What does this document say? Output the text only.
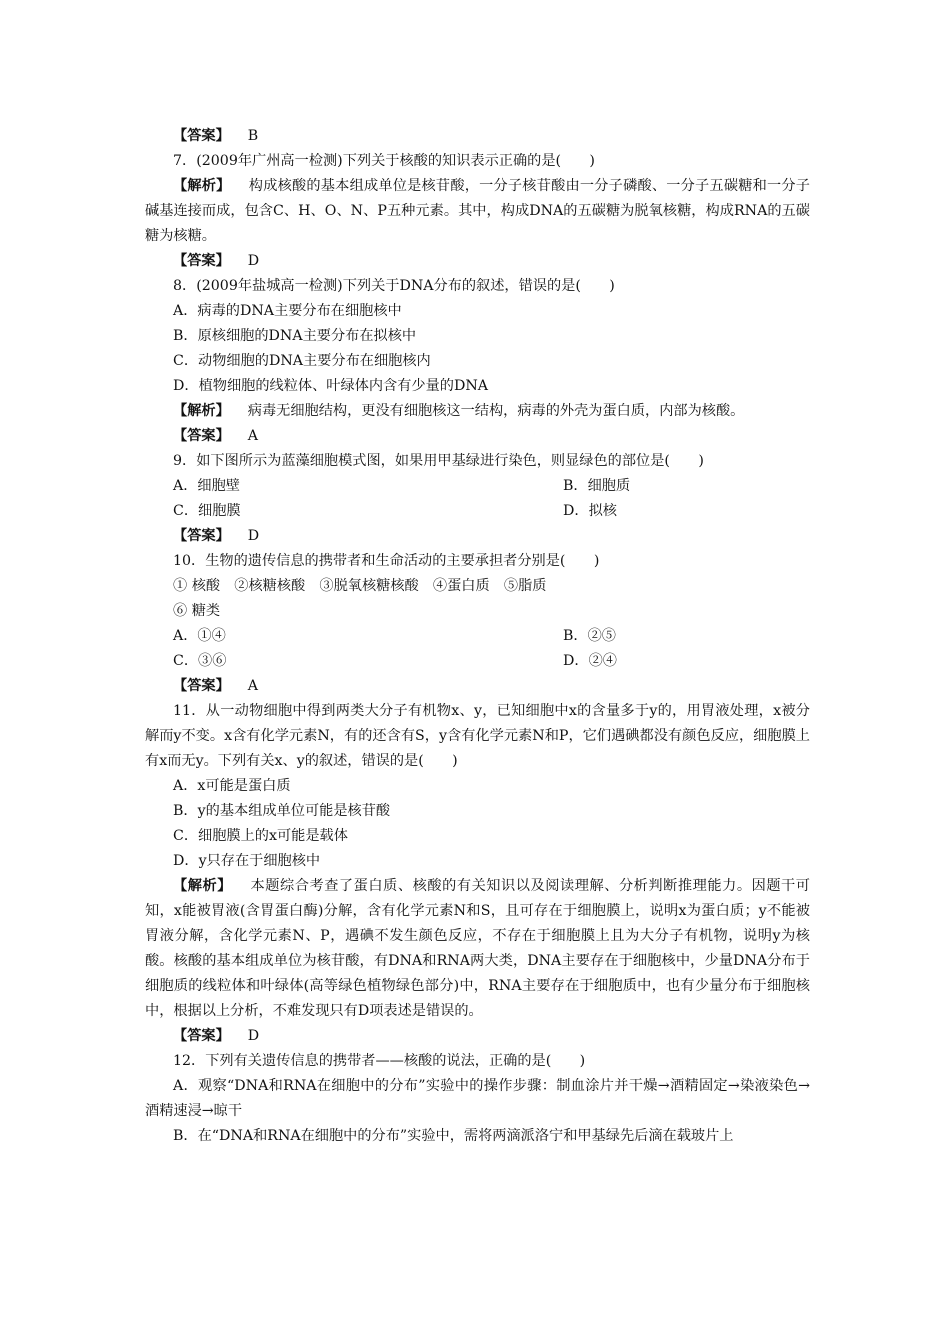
【答案】 B
7．(2009年广州高一检测)下列关于核酸的知识表示正确的是(　　)
【解析】 构成核酸的基本组成单位是核苷酸，一分子核苷酸由一分子磷酸、一分子五碳糖和一分子碱基连接而成，包含C、H、O、N、P五种元素。其中，构成DNA的五碳糖为脱氧核糖，构成RNA的五碳糖为核糖。
【答案】 D
8．(2009年盐城高一检测)下列关于DNA分布的叙述，错误的是(　　)
A．病毒的DNA主要分布在细胞核中
B．原核细胞的DNA主要分布在拟核中
C．动物细胞的DNA主要分布在细胞核内
D．植物细胞的线粒体、叶绿体内含有少量的DNA
【解析】 病毒无细胞结构，更没有细胞核这一结构，病毒的外壳为蛋白质，内部为核酸。
【答案】 A
9．如下图所示为蓝藻细胞模式图，如果用甲基绿进行染色，则显绿色的部位是(　　)
A．细胞壁	B．细胞质
C．细胞膜	D．拟核
【答案】 D
10．生物的遗传信息的携带者和生命活动的主要承担者分别是(　　)
① 核酸　②核糖核酸　③脱氧核糖核酸　④蛋白质　⑤脂质
⑥ 糖类
A．①④	B．②⑤
C．③⑥	D．②④
【答案】 A
11．从一动物细胞中得到两类大分子有机物x、y，已知细胞中x的含量多于y的，用胃液处理，x被分解而y不变。x含有化学元素N，有的还含有S，y含有化学元素N和P，它们遇碘都没有颜色反应，细胞膜上有x而无y。下列有关x、y的叙述，错误的是(　　)
A．x可能是蛋白质
B．y的基本组成单位可能是核苷酸
C．细胞膜上的x可能是载体
D．y只存在于细胞核中
【解析】 本题综合考查了蛋白质、核酸的有关知识以及阅读理解、分析判断推理能力。因题干可知，x能被胃液(含胃蛋白酶)分解，含有化学元素N和S，且可存在于细胞膜上，说明x为蛋白质；y不能被胃液分解，含化学元素N、P，遇碘不发生颜色反应，不存在于细胞膜上且为大分子有机物，说明y为核酸。核酸的基本组成单位为核苷酸，有DNA和RNA两大类，DNA主要存在于细胞核中，少量DNA分布于细胞质的线粒体和叶绿体(高等绿色植物绿色部分)中，RNA主要存在于细胞质中，也有少量分布于细胞核中，根据以上分析，不难发现只有D项表述是错误的。
【答案】 D
12．下列有关遗传信息的携带者——核酸的说法，正确的是(　　)
A．观察“DNA和RNA在细胞中的分布”实验中的操作步骤：制血涂片并干燥→酒精固定→染液染色→酒精速浸→晾干
B．在“DNA和RNA在细胞中的分布”实验中，需将两滴派洛宁和甲基绿先后滴在载玻片上
